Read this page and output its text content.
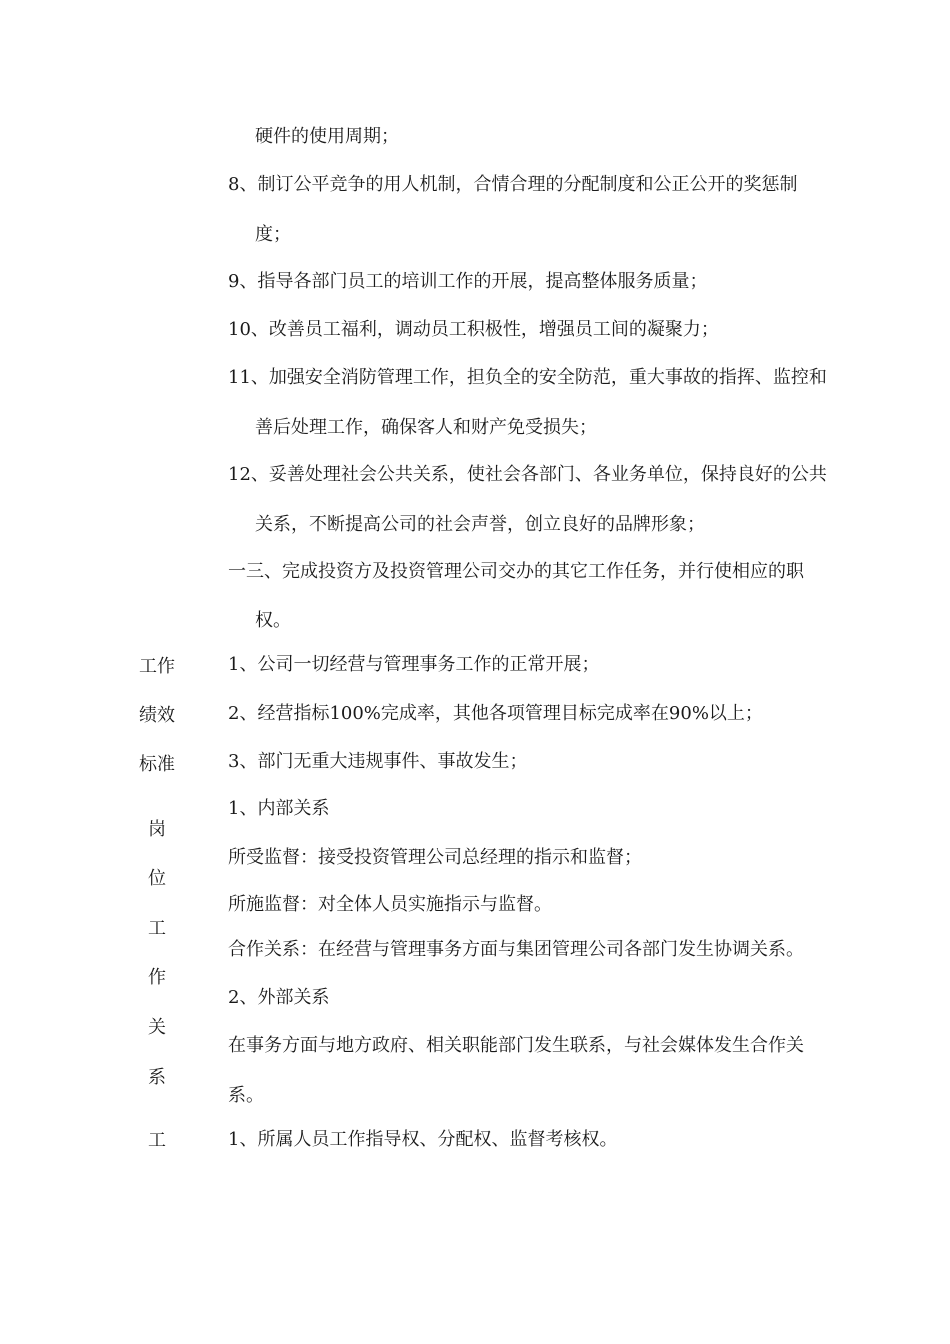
硬件的使用周期；
8、制订公平竞争的用人机制，合情合理的分配制度和公正公开的奖惩制
度；
9、指导各部门员工的培训工作的开展，提高整体服务质量；
10、改善员工福利，调动员工积极性，增强员工间的凝聚力；
11、加强安全消防管理工作，担负全的安全防范，重大事故的指挥、监控和
善后处理工作，确保客人和财产免受损失；
12、妥善处理社会公共关系，使社会各部门、各业务单位，保持良好的公共
关系，不断提高公司的社会声誉，创立良好的品牌形象；
一三、完成投资方及投资管理公司交办的其它工作任务，并行使相应的职
权。
1、公司一切经营与管理事务工作的正常开展；
2、经营指标100%完成率，其他各项管理目标完成率在90%以上；
3、部门无重大违规事件、事故发生；
1、内部关系
所受监督：接受投资管理公司总经理的指示和监督；
所施监督：对全体人员实施指示与监督。
合作关系：在经营与管理事务方面与集团管理公司各部门发生协调关系。
2、外部关系
在事务方面与地方政府、相关职能部门发生联系，与社会媒体发生合作关
系。
1、所属人员工作指导权、分配权、监督考核权。
工作
绩效
标准
岗
位
工
作
关
系
工
